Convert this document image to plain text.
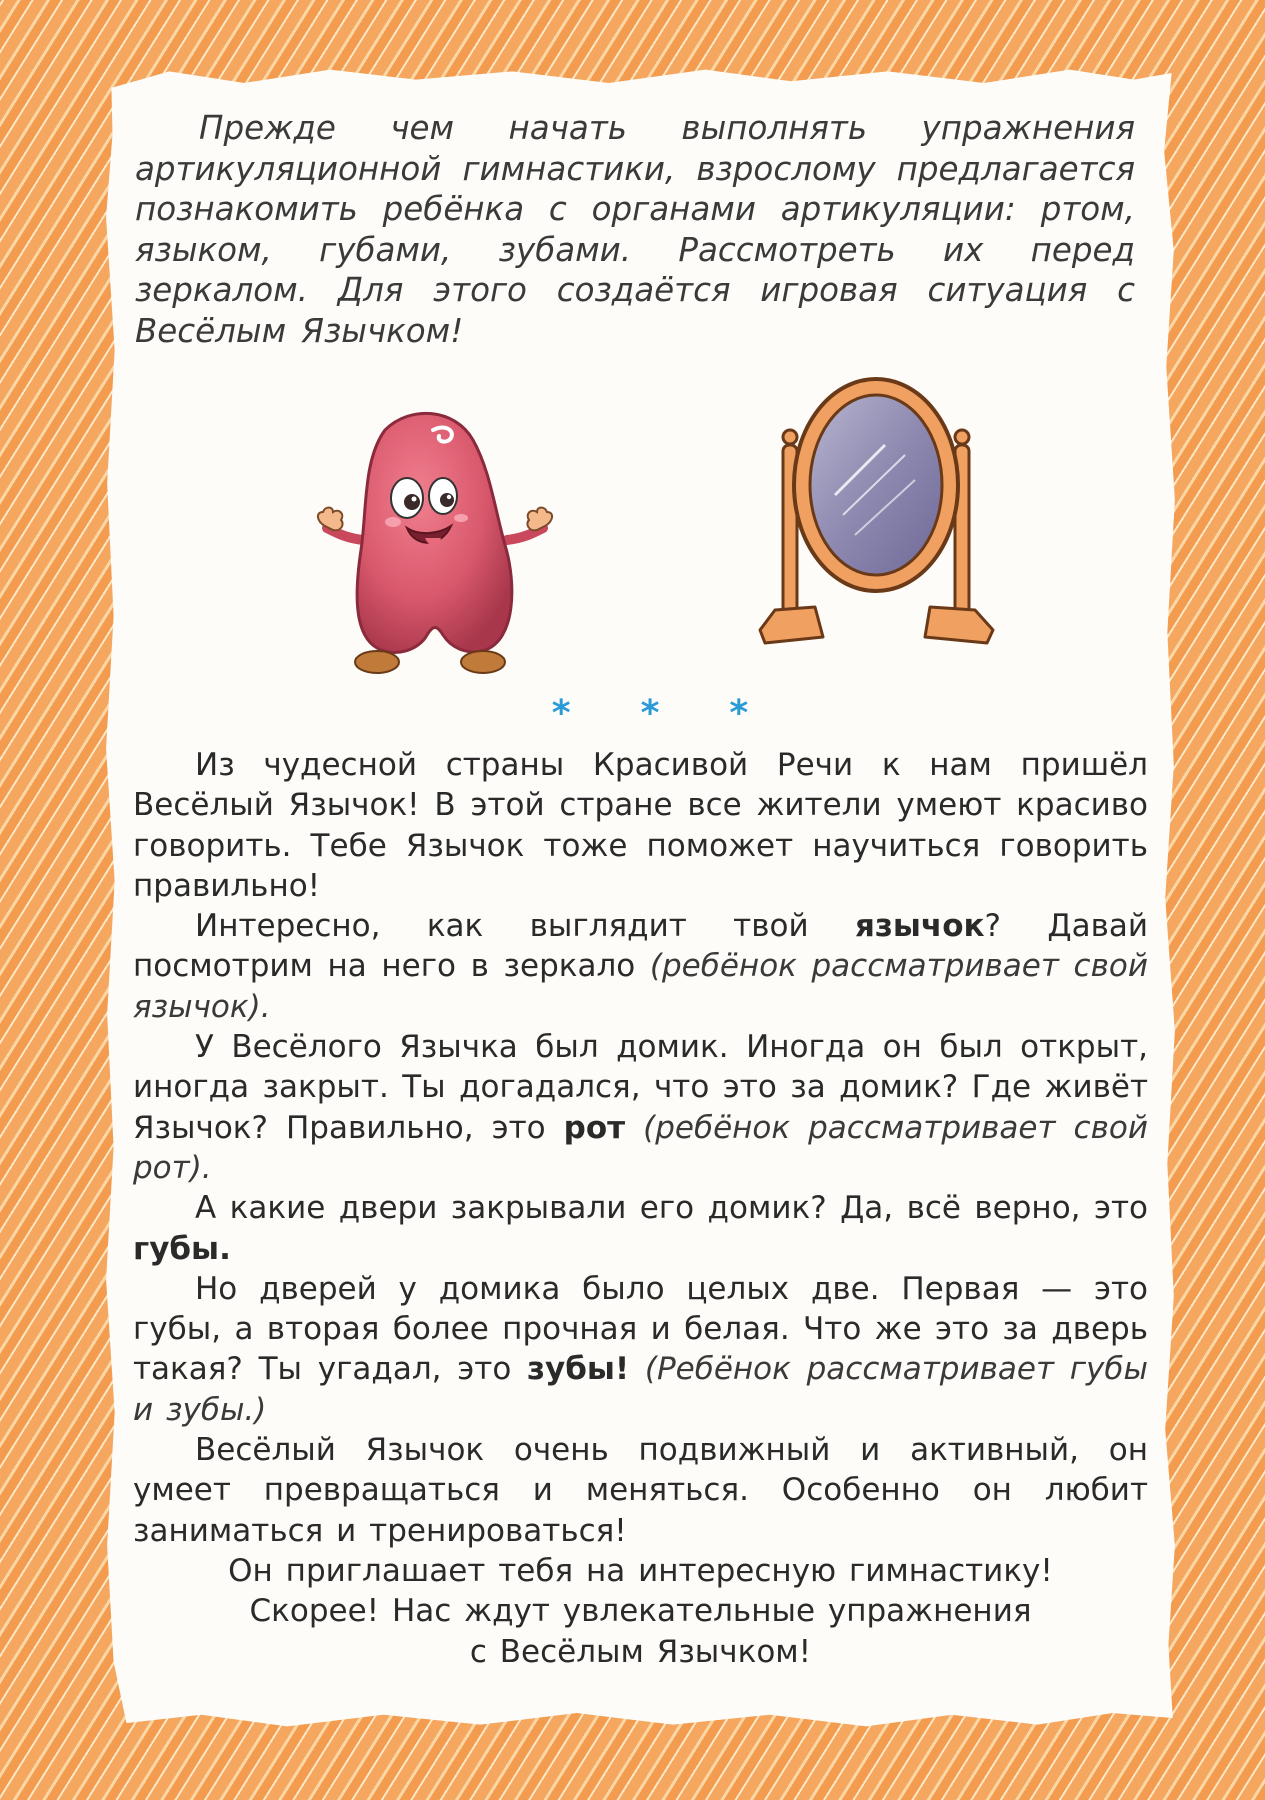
Прежде чем начать выполнять упражнения артикуляционной гимнастики, взрослому предлагается познакомить ребёнка с органами артикуляции: ртом, языком, губами, зубами. Рассмотреть их перед зеркалом. Для этого создаётся игровая ситуация с Весёлым Язычком!

* * *

Из чудесной страны Красивой Речи к нам пришёл Весёлый Язычок! В этой стране все жители умеют красиво говорить. Тебе Язычок тоже поможет научиться говорить правильно!

Интересно, как выглядит твой язычок? Давай посмотрим на него в зеркало (ребёнок рассматривает свой язычок).

У Весёлого Язычка был домик. Иногда он был открыт, иногда закрыт. Ты догадался, что это за домик? Где живёт Язычок? Правильно, это рот (ребёнок рассматривает свой рот).

А какие двери закрывали его домик? Да, всё верно, это губы.

Но дверей у домика было целых две. Первая — это губы, а вторая более прочная и белая. Что же это за дверь такая? Ты угадал, это зубы! (Ребёнок рассматривает губы и зубы.)

Весёлый Язычок очень подвижный и активный, он умеет превращаться и меняться. Особенно он любит заниматься и тренироваться!

Он приглашает тебя на интересную гимнастику!

Скорее! Нас ждут увлекательные упражнения

с Весёлым Язычком!
